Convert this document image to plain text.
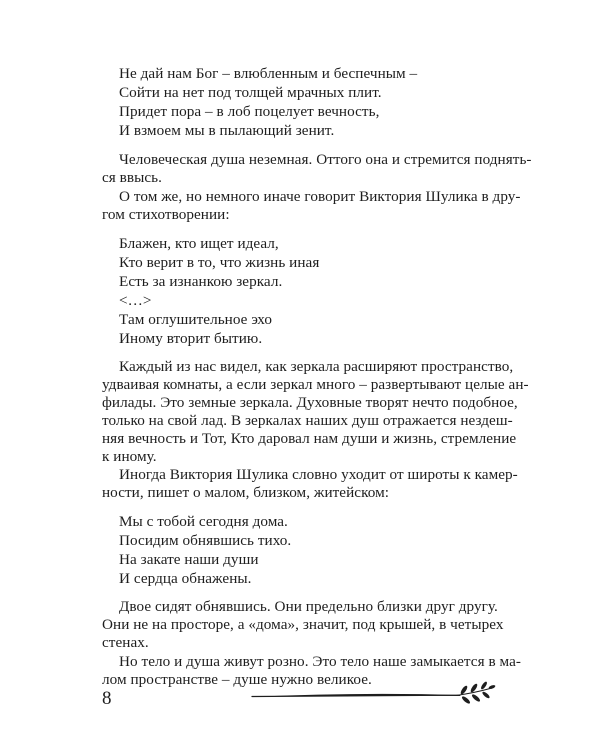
Не дай нам Бог – влюбленным и беспечным –
Сойти на нет под толщей мрачных плит.
Придет пора – в лоб поцелует вечность,
И взмоем мы в пылающий зенит.
Человеческая душа неземная. Оттого она и стремится поднять-
ся ввысь.
О том же, но немного иначе говорит Виктория Шулика в дру-
гом стихотворении:
Блажен, кто ищет идеал,
Кто верит в то, что жизнь иная
Есть за изнанкою зеркал.
<…>
Там оглушительное эхо
Иному вторит бытию.
Каждый из нас видел, как зеркала расширяют пространство,
удваивая комнаты, а если зеркал много – развертывают целые ан-
филады. Это земные зеркала. Духовные творят нечто подобное,
только на свой лад. В зеркалах наших душ отражается нездеш-
няя вечность и Тот, Кто даровал нам души и жизнь, стремление
к иному.
Иногда Виктория Шулика словно уходит от широты к камер-
ности, пишет о малом, близком, житейском:
Мы с тобой сегодня дома.
Посидим обнявшись тихо.
На закате наши души
И сердца обнажены.
Двое сидят обнявшись. Они предельно близки друг другу.
Они не на просторе, а «дома», значит, под крышей, в четырех
стенах.
Но тело и душа живут розно. Это тело наше замыкается в ма-
лом пространстве – душе нужно великое.
8
